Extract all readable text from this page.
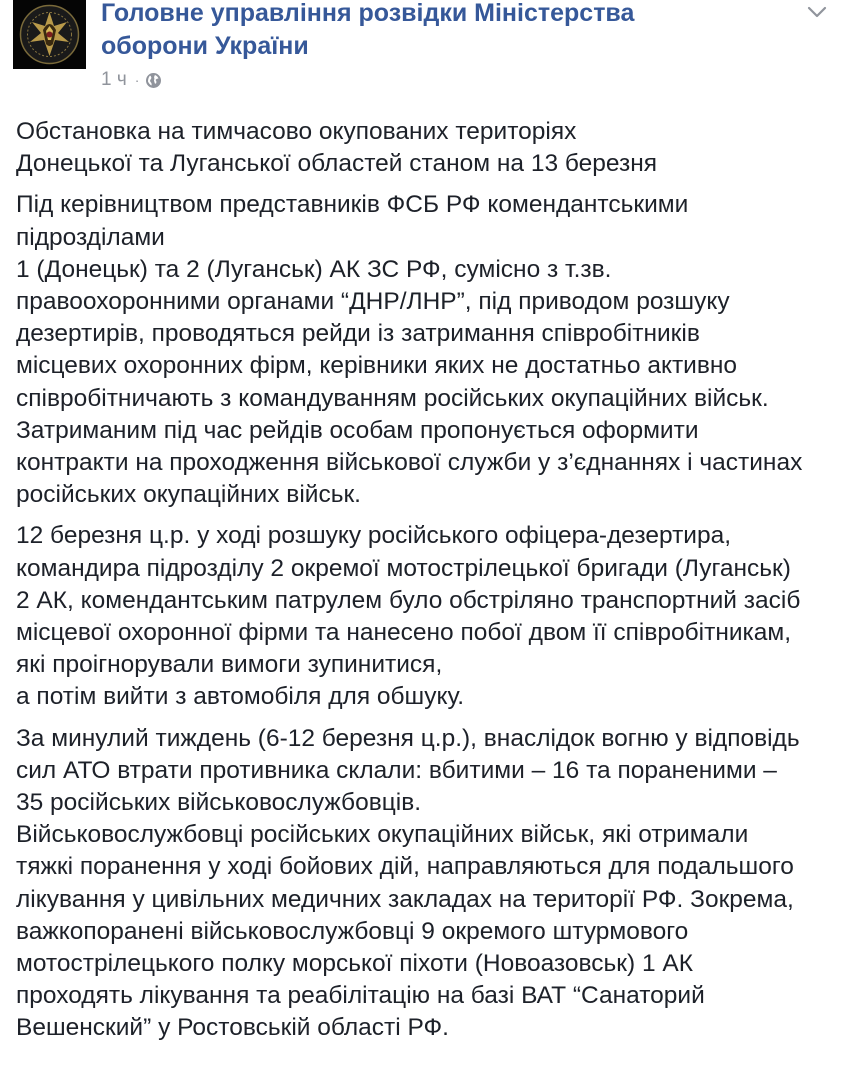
Головне управління розвідки Міністерства
оборони України
1 ч ·

Обстановка на тимчасово окупованих територіях
Донецької та Луганської областей станом на 13 березня

Під керівництвом представників ФСБ РФ комендантськими
підрозділами
1 (Донецьк) та 2 (Луганськ) АК ЗС РФ, сумісно з т.зв.
правоохоронними органами “ДНР/ЛНР”, під приводом розшуку
дезертирів, проводяться рейди із затримання співробітників
місцевих охоронних фірм, керівники яких не достатньо активно
співробітничають з командуванням російських окупаційних військ.
Затриманим під час рейдів особам пропонується оформити
контракти на проходження військової служби у з’єднаннях і частинах
російських окупаційних військ.

12 березня ц.р. у ході розшуку російського офіцера-дезертира,
командира підрозділу 2 окремої мотострілецької бригади (Луганськ)
2 АК, комендантським патрулем було обстріляно транспортний засіб
місцевої охоронної фірми та нанесено побої двом її співробітникам,
які проігнорували вимоги зупинитися,
а потім вийти з автомобіля для обшуку.

За минулий тиждень (6-12 березня ц.р.), внаслідок вогню у відповідь
сил АТО втрати противника склали: вбитими – 16 та пораненими –
35 російських військовослужбовців.
Військовослужбовці російських окупаційних військ, які отримали
тяжкі поранення у ході бойових дій, направляються для подальшого
лікування у цивільних медичних закладах на території РФ. Зокрема,
важкопоранені військовослужбовці 9 окремого штурмового
мотострілецького полку морської піхоти (Новоазовськ) 1 АК
проходять лікування та реабілітацію на базі ВАТ “Санаторий
Вешенский” у Ростовській області РФ.
